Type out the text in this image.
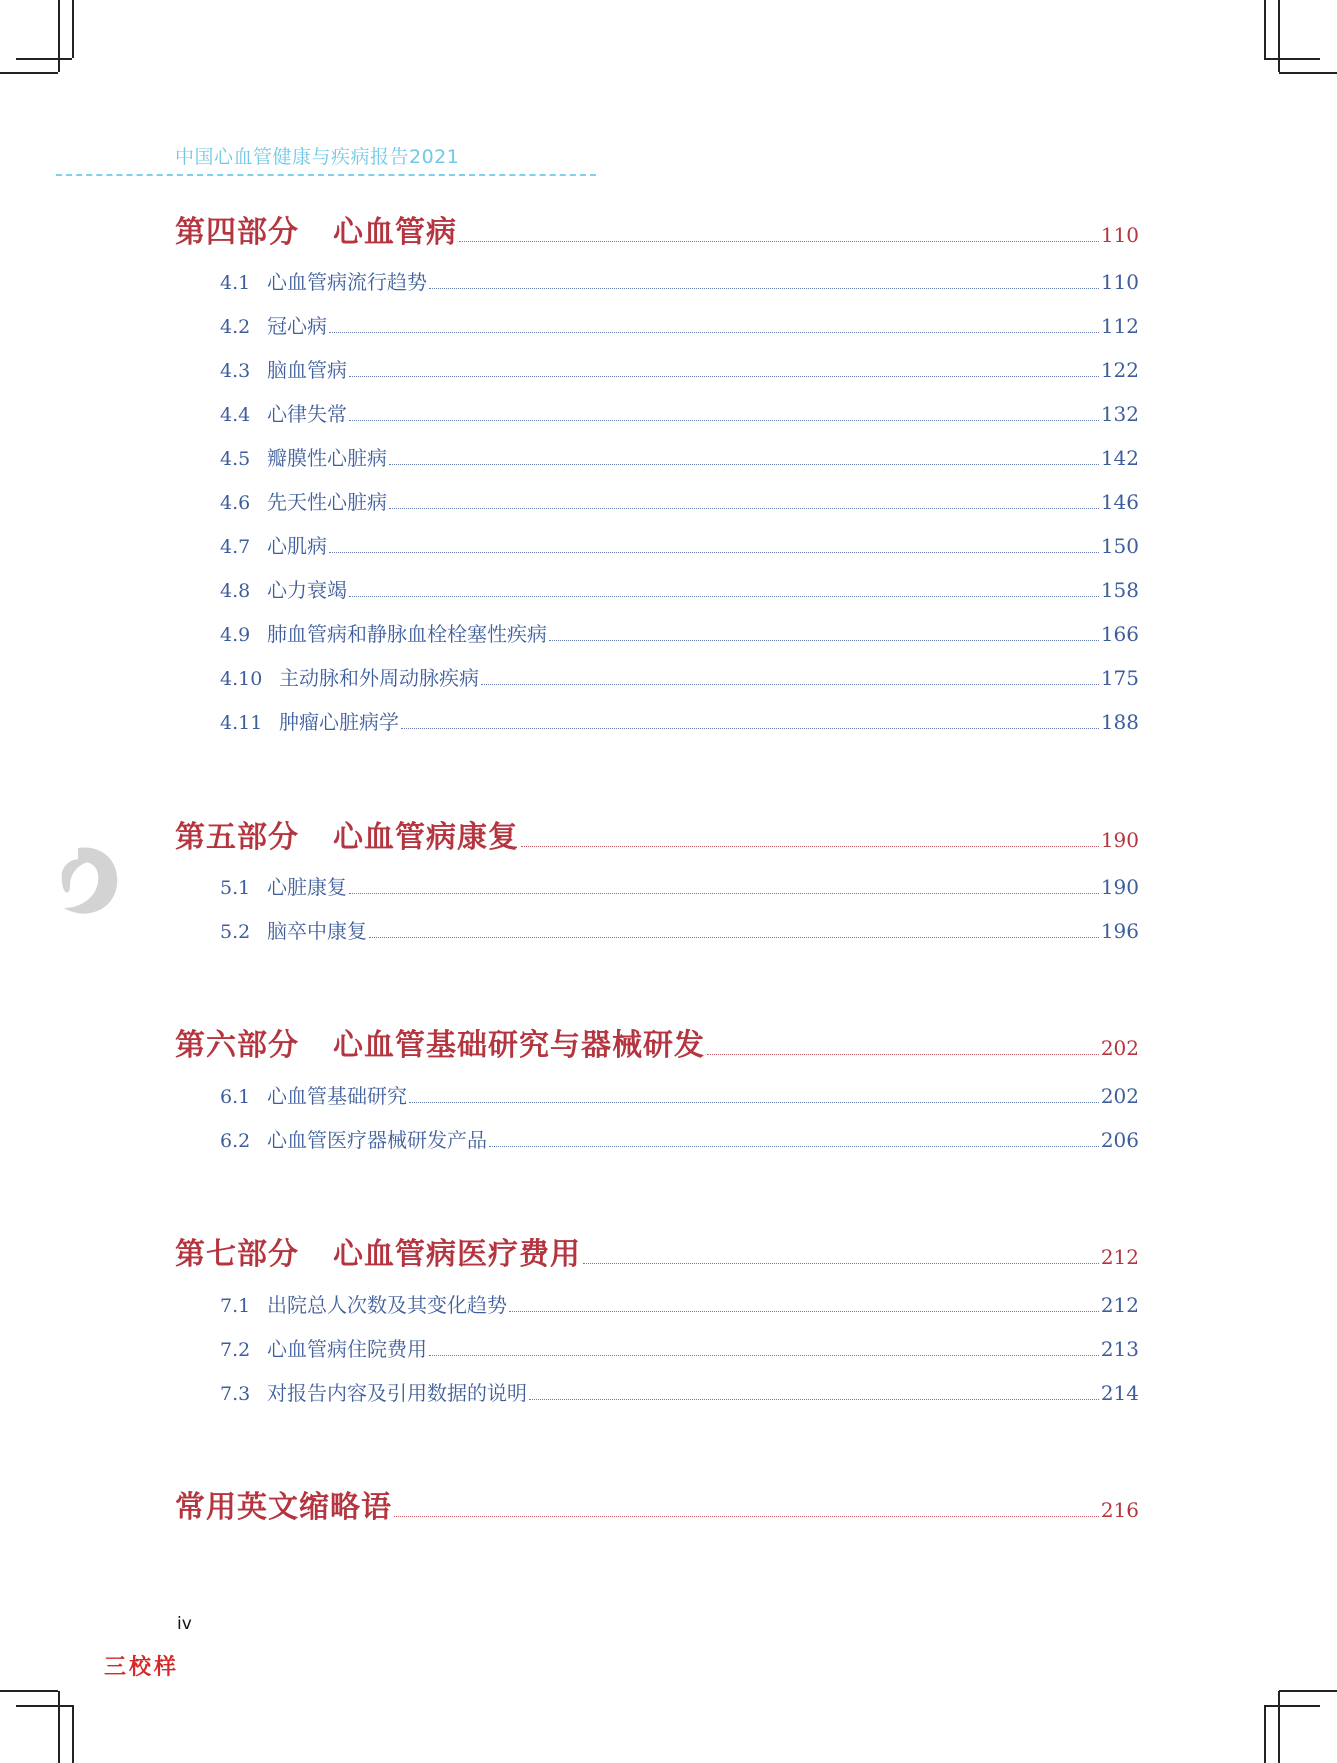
中国心血管健康与疾病报告2021
第四部分 心血管病	110
4.1 心血管病流行趋势	110
4.2 冠心病	112
4.3 脑血管病	122
4.4 心律失常	132
4.5 瓣膜性心脏病	142
4.6 先天性心脏病	146
4.7 心肌病	150
4.8 心力衰竭	158
4.9 肺血管病和静脉血栓栓塞性疾病	166
4.10 主动脉和外周动脉疾病	175
4.11 肿瘤心脏病学	188
第五部分 心血管病康复	190
5.1 心脏康复	190
5.2 脑卒中康复	196
第六部分 心血管基础研究与器械研发	202
6.1 心血管基础研究	202
6.2 心血管医疗器械研发产品	206
第七部分 心血管病医疗费用	212
7.1 出院总人次数及其变化趋势	212
7.2 心血管病住院费用	213
7.3 对报告内容及引用数据的说明	214
常用英文缩略语	216
iv
三校样
